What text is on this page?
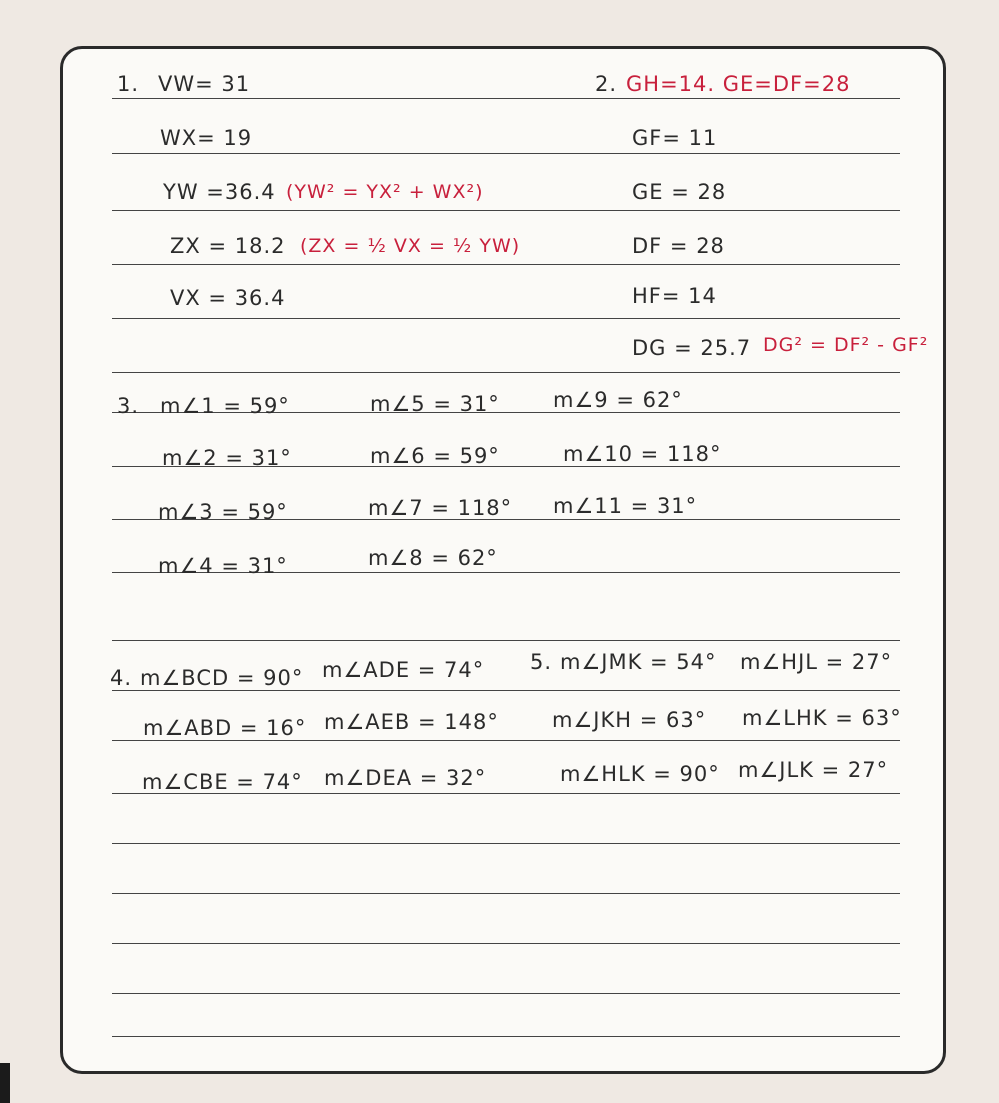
1. VW= 31
WX= 19
YW =36.4 (YW² = YX² + WX²)
ZX = 18.2 (ZX = ½ VX = ½ YW)
VX = 36.4
2. GH=14. GE=DF=28
GF= 11
GE = 28
DF = 28
HF= 14
DG = 25.7 DG² = DF² - GF²
3. m∠1 = 59°
m∠2 = 31°
m∠3 = 59°
m∠4 = 31°
m∠5 = 31°
m∠6 = 59°
m∠7 = 118°
m∠8 = 62°
m∠9 = 62°
m∠10 = 118°
m∠11 = 31°
4. m∠BCD = 90°
m∠ABD = 16°
m∠CBE = 74°
m∠ADE = 74°
m∠AEB = 148°
m∠DEA = 32°
5. m∠JMK = 54°
m∠JKH = 63°
m∠HLK = 90°
m∠HJL = 27°
m∠LHK = 63°
m∠JLK = 27°
